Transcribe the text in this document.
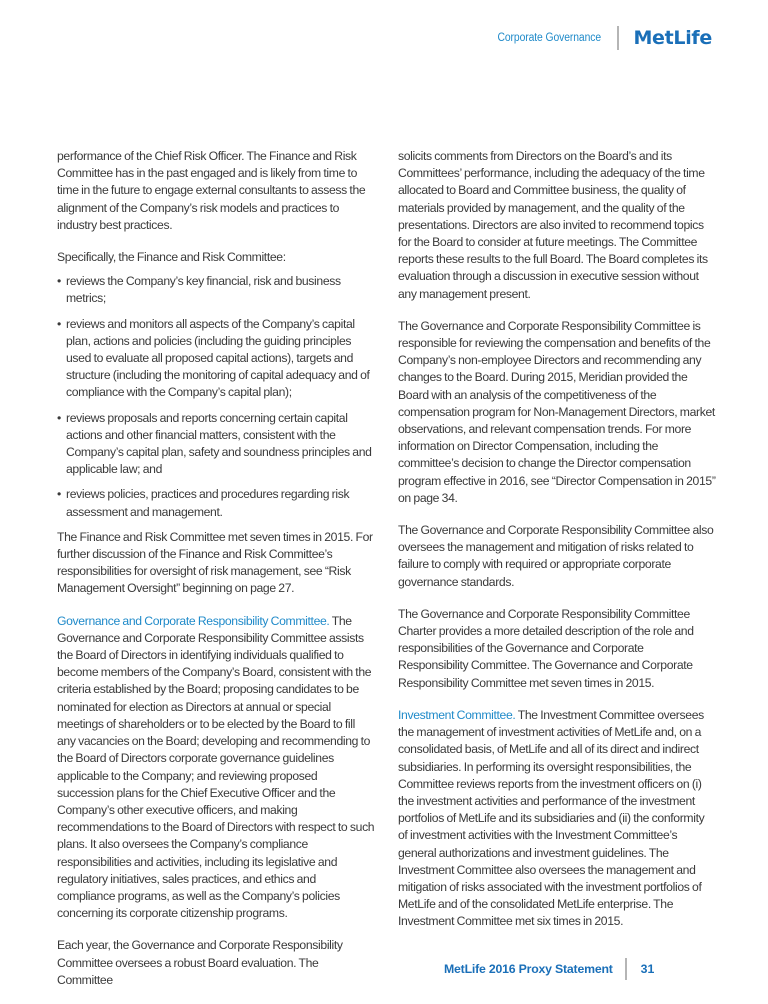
Corporate Governance MetLife

performance of the Chief Risk Officer. The Finance and Risk Committee has in the past engaged and is likely from time to time in the future to engage external consultants to assess the alignment of the Company’s risk models and practices to industry best practices.

Specifically, the Finance and Risk Committee:

• reviews the Company’s key financial, risk and business metrics;
• reviews and monitors all aspects of the Company’s capital plan, actions and policies (including the guiding principles used to evaluate all proposed capital actions), targets and structure (including the monitoring of capital adequacy and of compliance with the Company’s capital plan);
• reviews proposals and reports concerning certain capital actions and other financial matters, consistent with the Company’s capital plan, safety and soundness principles and applicable law; and
• reviews policies, practices and procedures regarding risk assessment and management.

The Finance and Risk Committee met seven times in 2015. For further discussion of the Finance and Risk Committee’s responsibilities for oversight of risk management, see “Risk Management Oversight” beginning on page 27.

Governance and Corporate Responsibility Committee. The Governance and Corporate Responsibility Committee assists the Board of Directors in identifying individuals qualified to become members of the Company’s Board, consistent with the criteria established by the Board; proposing candidates to be nominated for election as Directors at annual or special meetings of shareholders or to be elected by the Board to fill any vacancies on the Board; developing and recommending to the Board of Directors corporate governance guidelines applicable to the Company; and reviewing proposed succession plans for the Chief Executive Officer and the Company’s other executive officers, and making recommendations to the Board of Directors with respect to such plans. It also oversees the Company’s compliance responsibilities and activities, including its legislative and regulatory initiatives, sales practices, and ethics and compliance programs, as well as the Company’s policies concerning its corporate citizenship programs.

Each year, the Governance and Corporate Responsibility Committee oversees a robust Board evaluation. The Committee

solicits comments from Directors on the Board’s and its Committees’ performance, including the adequacy of the time allocated to Board and Committee business, the quality of materials provided by management, and the quality of the presentations. Directors are also invited to recommend topics for the Board to consider at future meetings. The Committee reports these results to the full Board. The Board completes its evaluation through a discussion in executive session without any management present.

The Governance and Corporate Responsibility Committee is responsible for reviewing the compensation and benefits of the Company’s non-employee Directors and recommending any changes to the Board. During 2015, Meridian provided the Board with an analysis of the competitiveness of the compensation program for Non-Management Directors, market observations, and relevant compensation trends. For more information on Director Compensation, including the committee’s decision to change the Director compensation program effective in 2016, see “Director Compensation in 2015” on page 34.

The Governance and Corporate Responsibility Committee also oversees the management and mitigation of risks related to failure to comply with required or appropriate corporate governance standards.

The Governance and Corporate Responsibility Committee Charter provides a more detailed description of the role and responsibilities of the Governance and Corporate Responsibility Committee. The Governance and Corporate Responsibility Committee met seven times in 2015.

Investment Committee. The Investment Committee oversees the management of investment activities of MetLife and, on a consolidated basis, of MetLife and all of its direct and indirect subsidiaries. In performing its oversight responsibilities, the Committee reviews reports from the investment officers on (i) the investment activities and performance of the investment portfolios of MetLife and its subsidiaries and (ii) the conformity of investment activities with the Investment Committee’s general authorizations and investment guidelines. The Investment Committee also oversees the management and mitigation of risks associated with the investment portfolios of MetLife and of the consolidated MetLife enterprise. The Investment Committee met six times in 2015.

MetLife 2016 Proxy Statement 31
